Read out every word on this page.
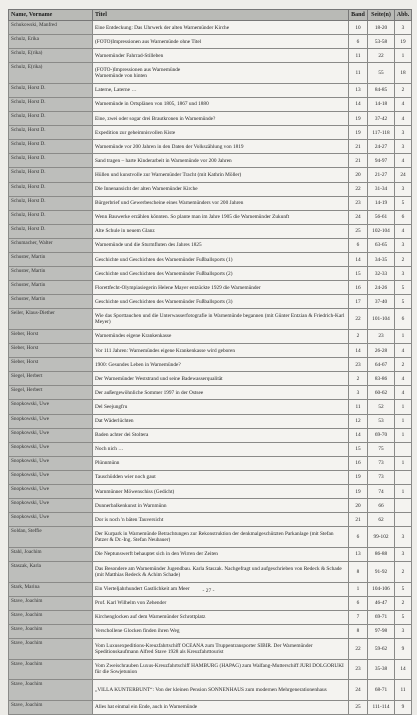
Name, Vorname	Titel	Band	Seite(n)	Abb.
Schukowski, Manfred	Eine Entdeckung: Das Uhrwerk der alten Warnemünder Kirche	10	18-20	3
Schulz, Erika	(FOTO)Impressionen aus Warnemünde ohne Titel	6	53-58	19
Schulz, E(rika)	Warnemünder Fahrrad-Stilleben	11	22	1
Schulz, E(rika)	(FOTO-)Impressionen aus Warnemünde
Warnemünde von hinten	11	55	18
Schulz, Horst D.	Laterne, Laterne …	13	84-85	2
Schulz, Horst D.	Warnemünde in Ortsplänen von 1805, 1867 und 1880	14	14-18	4
Schulz, Horst D.	Eine, zwei oder sogar drei Brautkronen in Warnemünde?	19	37-42	4
Schulz, Horst D.	Expedition zur geheimnisvollen Kiste	19	117-118	3
Schulz, Horst D.	Warnemünde vor 200 Jahren in den Daten der Volkszählung von 1819	21	24-27	3
Schulz, Horst D.	Sand tragen – harte Kinderarbeit in Warnemünde vor 200 Jahren	21	94-97	4
Schulz, Horst D.	Hüllen und kunstvolle zur Warnemünder Tracht (mit Kathrin Möller)	20	21-27	24
Schulz, Horst D.	Die Innenansicht der alten Warnemünder Kirche	22	31-34	3
Schulz, Horst D.	Bürgerbrief und Gewerbescheine eines Warnemünders vor 200 Jahren	23	14-19	5
Schulz, Horst D.	Wenn Bauwerke erzählen könnten. So plante man im Jahre 1905 die Warnemünder Zukunft	24	56-61	6
Schulz, Horst D.	Alte Schule in neuem Glanz	25	102-104	4
Schumacher, Walter	Warnemünde und die Sturmfluten des Jahres 1825	6	63-65	3
Schuster, Martin	Geschichte und Geschichten des Warnemünder Fußballsports (1)	14	34-35	2
Schuster, Martin	Geschichte und Geschichten des Warnemünder Fußballsports (2)	15	32-33	3
Schuster, Martin	Florettfecht-Olympiasiegerin Helene Mayer entzückte 1929 die Warnemünder	16	24-26	5
Schuster, Martin	Geschichte und Geschichten des Warnemünder Fußballsports (3)	17	37-40	5
Seiler, Klaus-Diether	Wie das Sporttauchen und die Unterwasserfotografie in Warnemünde begannen (mit Günter Entzian & Friedrich-Karl Meyer)	22	101-104	6
Sieber, Horst	Warnemündes eigene Krankenkasse	2	23	1
Sieber, Horst	Vor 111 Jahren: Warnemündes eigene Krankenkasse wird geboren	14	26-28	4
Sieber, Horst	1900: Gesundes Leben in Warnemünde?	23	64-67	2
Siegel, Herbert	Der Warnemünder Weststrand und seine Badewasserqualität	2	83-86	4
Siegel, Herbert	Der außergewöhnliche Sommer 1997 in der Ostsee	3	60-62	4
Snopkowski, Uwe	Del Seejungfru	11	52	1
Snopkowski, Uwe	Dat Wäderlüchten	12	53	1
Snopkowski, Uwe	Baden achter dei Stoltera	14	69-70	1
Snopkowski, Uwe	Noch nich …	15	75	
Snopkowski, Uwe	Plünnmünn	16	73	1
Snopkowski, Uwe	Tauschüdden wier noch gaut	19	73	
Snopkowski, Uwe	Warnmünner Möwenschiss (Gedicht)	19	74	1
Snopkowski, Uwe	Dunnerbalkenkunst in Warnmünn	20	66	
Snopkowski, Uwe	Dor is noch 'n bäten Tauversicht	21	62	
Soldan, Steffie	Der Kurpark in Warnemünde Betrachtungen zur Rekonstruktion der denkmalgeschützten Parkanlage (mit Stefan Patzer & Dr.-Ing. Stefan Neubauer)	6	99-102	3
Stahl, Joachim	Die Neptunswerft behauptet sich in den Wirren der Zeiten	13	86-88	3
Staszak, Karla	Das Besondere am Warnemünder Jugendbau. Karla Staszak. Nachgefragt und aufgeschrieben von Redeck & Schade (mit Matthias Redeck & Achim Schade)	8	91-92	2
Stark, Marina	Ein Vierteljahrhundert Gastlichkeit am Meer	1	104-106	5
Stave, Joachim	Prof. Karl Wilhelm von Zehender	6	46-47	2
Stave, Joachim	Kirchenglocken auf dem Warnemünder Schrottplatz	7	69-71	5
Stave, Joachim	Verschollene Glocken finden ihren Weg	8	97-98	3
Stave, Joachim	Vom Luxusexpeditions-Kreuzfahrtschiff OCEANA zum Truppentransporter SIBIR. Der Warnemünder Speditionskaufmann Alfred Stave 1928 als Kreuzfahrttourist	22	59-62	9
Stave, Joachim	Vom Zweischrauben Luxus-Kreuzfahrtschiff HAMBURG (HAPAG) zum Walfang-Mutterschiff JURI DOLGORUKI für die Sowjetunion	23	35-38	14
Stave, Joachim	„VILLA KUNTERBUNT“: Von der kleinen Pension SONNENHAUS zum modernen Mehrgenerationenhaus	24	68-71	11
Stave, Joachim	Alles hat einmal ein Ende, auch in Warnemünde	25	111-114	9
- 27 -
